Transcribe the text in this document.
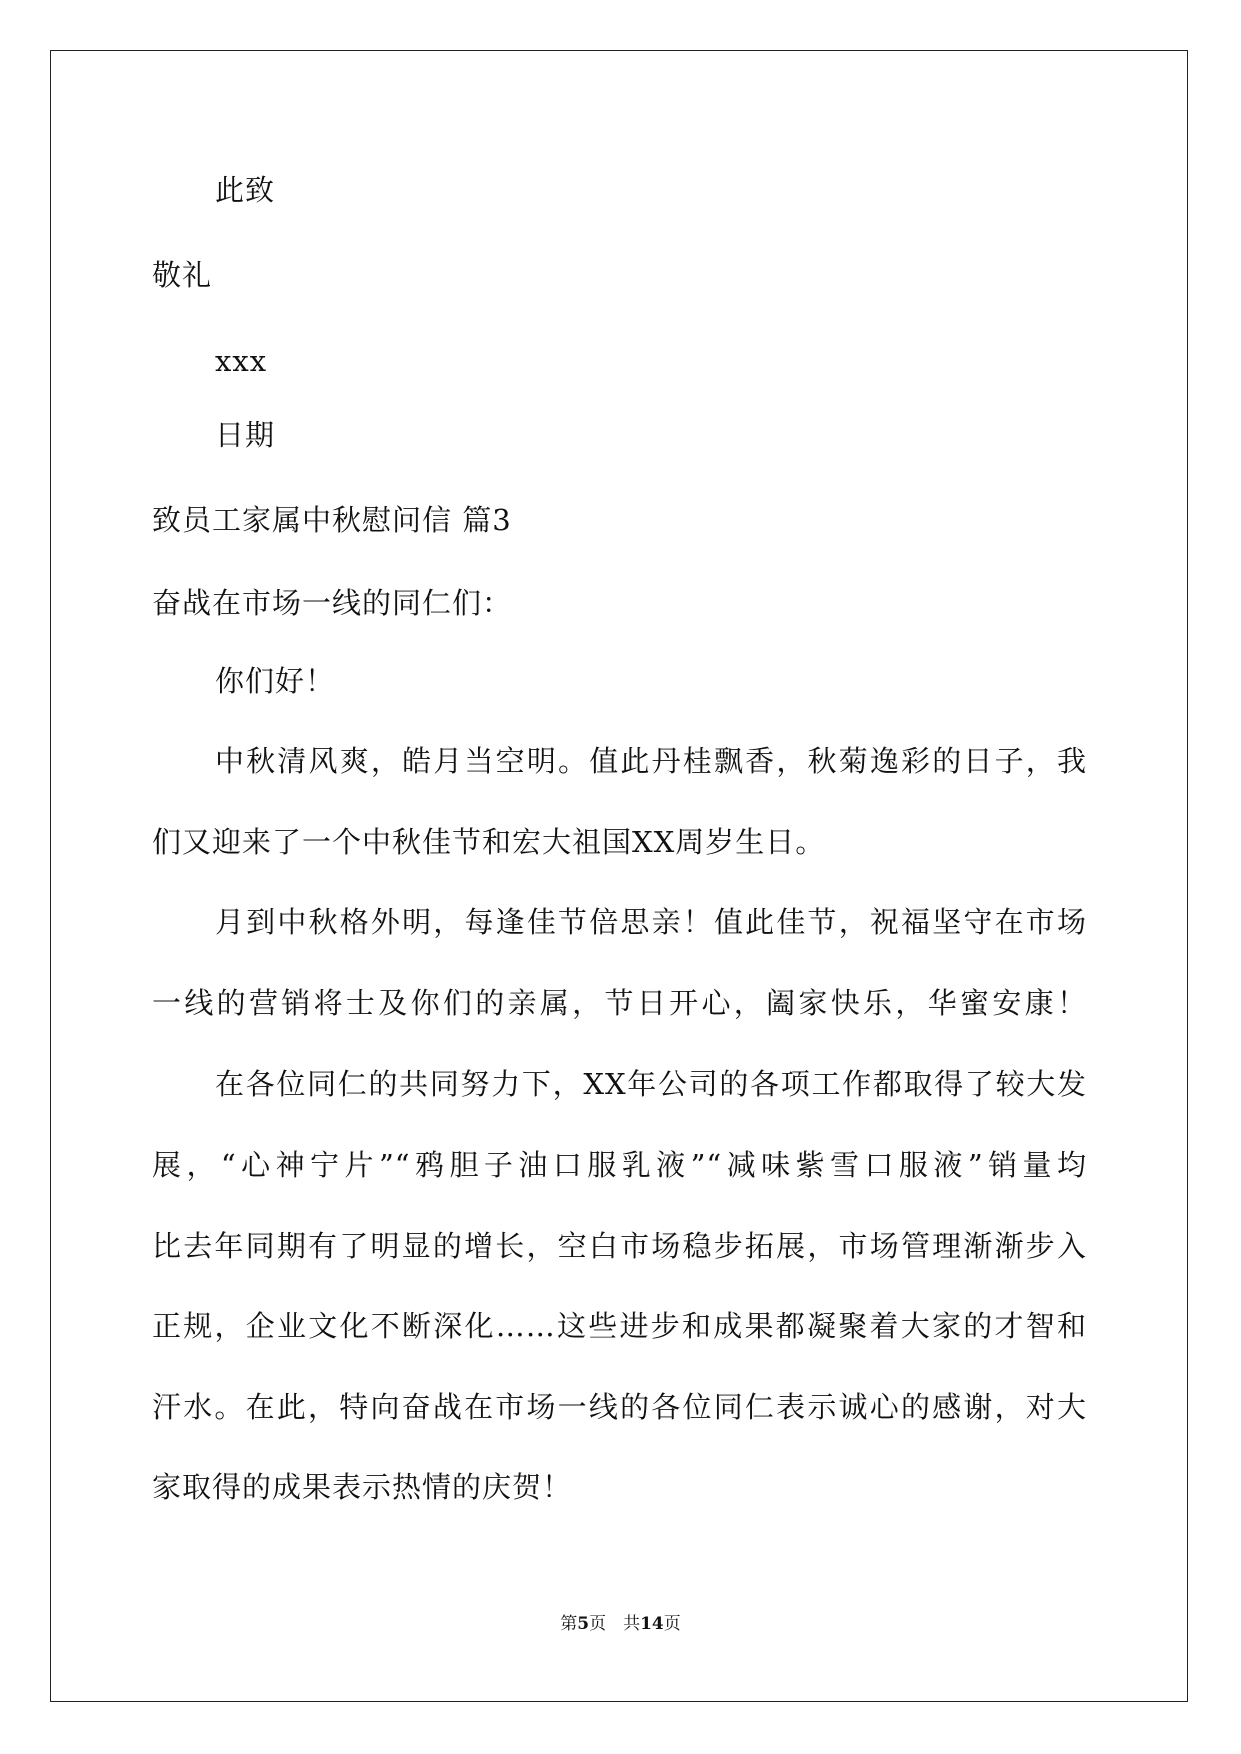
此致
敬礼
xxx
日期
致员工家属中秋慰问信 篇3
奋战在市场一线的同仁们：
你们好！
中秋清风爽，皓月当空明。值此丹桂飘香，秋菊逸彩的日子，我
们又迎来了一个中秋佳节和宏大祖国XX周岁生日。
月到中秋格外明，每逢佳节倍思亲！值此佳节，祝福坚守在市场
一线的营销将士及你们的亲属，节日开心，阖家快乐，华蜜安康！
在各位同仁的共同努力下，XX年公司的各项工作都取得了较大发
展，“心神宁片”“鸦胆子油口服乳液”“减味紫雪口服液”销量均
比去年同期有了明显的增长，空白市场稳步拓展，市场管理渐渐步入
正规，企业文化不断深化……这些进步和成果都凝聚着大家的才智和
汗水。在此，特向奋战在市场一线的各位同仁表示诚心的感谢，对大
家取得的成果表示热情的庆贺！
第5页　共14页
